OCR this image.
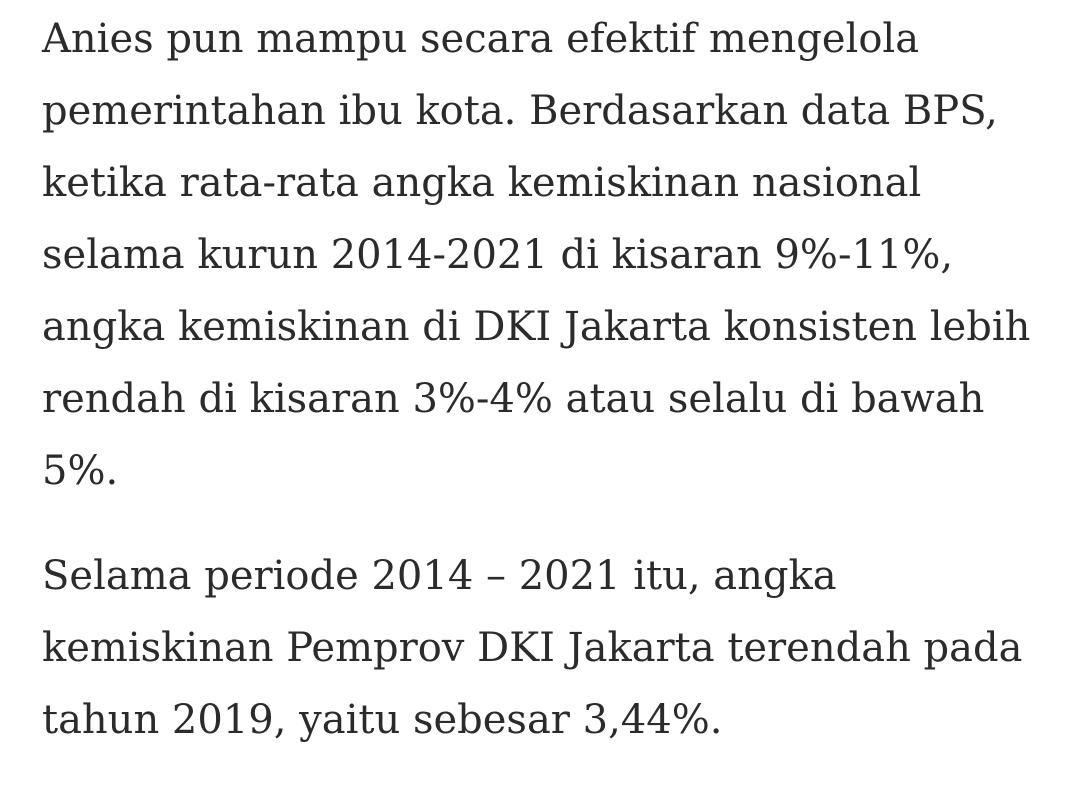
Anies pun mampu secara efektif mengelola
pemerintahan ibu kota. Berdasarkan data BPS,
ketika rata-rata angka kemiskinan nasional
selama kurun 2014-2021 di kisaran 9%-11%,
angka kemiskinan di DKI Jakarta konsisten lebih
rendah di kisaran 3%-4% atau selalu di bawah
5%.

Selama periode 2014 – 2021 itu, angka
kemiskinan Pemprov DKI Jakarta terendah pada
tahun 2019, yaitu sebesar 3,44%.
